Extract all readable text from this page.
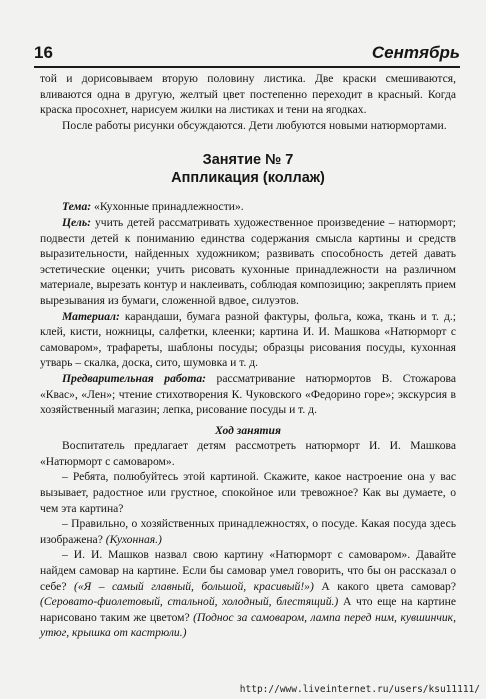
16	Сентябрь

той и дорисовываем вторую половину листика. Две краски смешиваются, вливаются одна в другую, желтый цвет постепенно переходит в красный. Когда краска просохнет, нарисуем жилки на листиках и тени на ягодках.

После работы рисунки обсуждаются. Дети любуются новыми натюрмортами.

Занятие № 7
Аппликация (коллаж)

Тема: «Кухонные принадлежности».

Цель: учить детей рассматривать художественное произведение – натюрморт; подвести детей к пониманию единства содержания смысла картины и средств выразительности, найденных художником; развивать способность детей давать эстетические оценки; учить рисовать кухонные принадлежности на различном материале, вырезать контур и наклеивать, соблюдая композицию; закреплять прием вырезывания из бумаги, сложенной вдвое, силуэтов.

Материал: карандаши, бумага разной фактуры, фольга, кожа, ткань и т. д.; клей, кисти, ножницы, салфетки, клеенки; картина И. И. Машкова «Натюрморт с самоваром», трафареты, шаблоны посуды; образцы рисования посуды, кухонная утварь – скалка, доска, сито, шумовка и т. д.

Предварительная работа: рассматривание натюрмортов В. Стожарова «Квас», «Лен»; чтение стихотворения К. Чуковского «Федорино горе»; экскурсия в хозяйственный магазин; лепка, рисование посуды и т. д.

Ход занятия

Воспитатель предлагает детям рассмотреть натюрморт И. И. Машкова «Натюрморт с самоваром».

– Ребята, полюбуйтесь этой картиной. Скажите, какое настроение она у вас вызывает, радостное или грустное, спокойное или тревожное? Как вы думаете, о чем эта картина?

– Правильно, о хозяйственных принадлежностях, о посуде. Какая посуда здесь изображена? (Кухонная.)

– И. И. Машков назвал свою картину «Натюрморт с самоваром». Давайте найдем самовар на картине. Если бы самовар умел говорить, что бы он рассказал о себе? («Я – самый главный, большой, красивый!») А какого цвета самовар? (Серовато-фиолетовый, стальной, холодный, блестящий.) А что еще на картине нарисовано таким же цветом? (Поднос за самоваром, лампа перед ним, кувшинчик, утюг, крышка от кастрюли.)

http://www.liveinternet.ru/users/ksu11111/
